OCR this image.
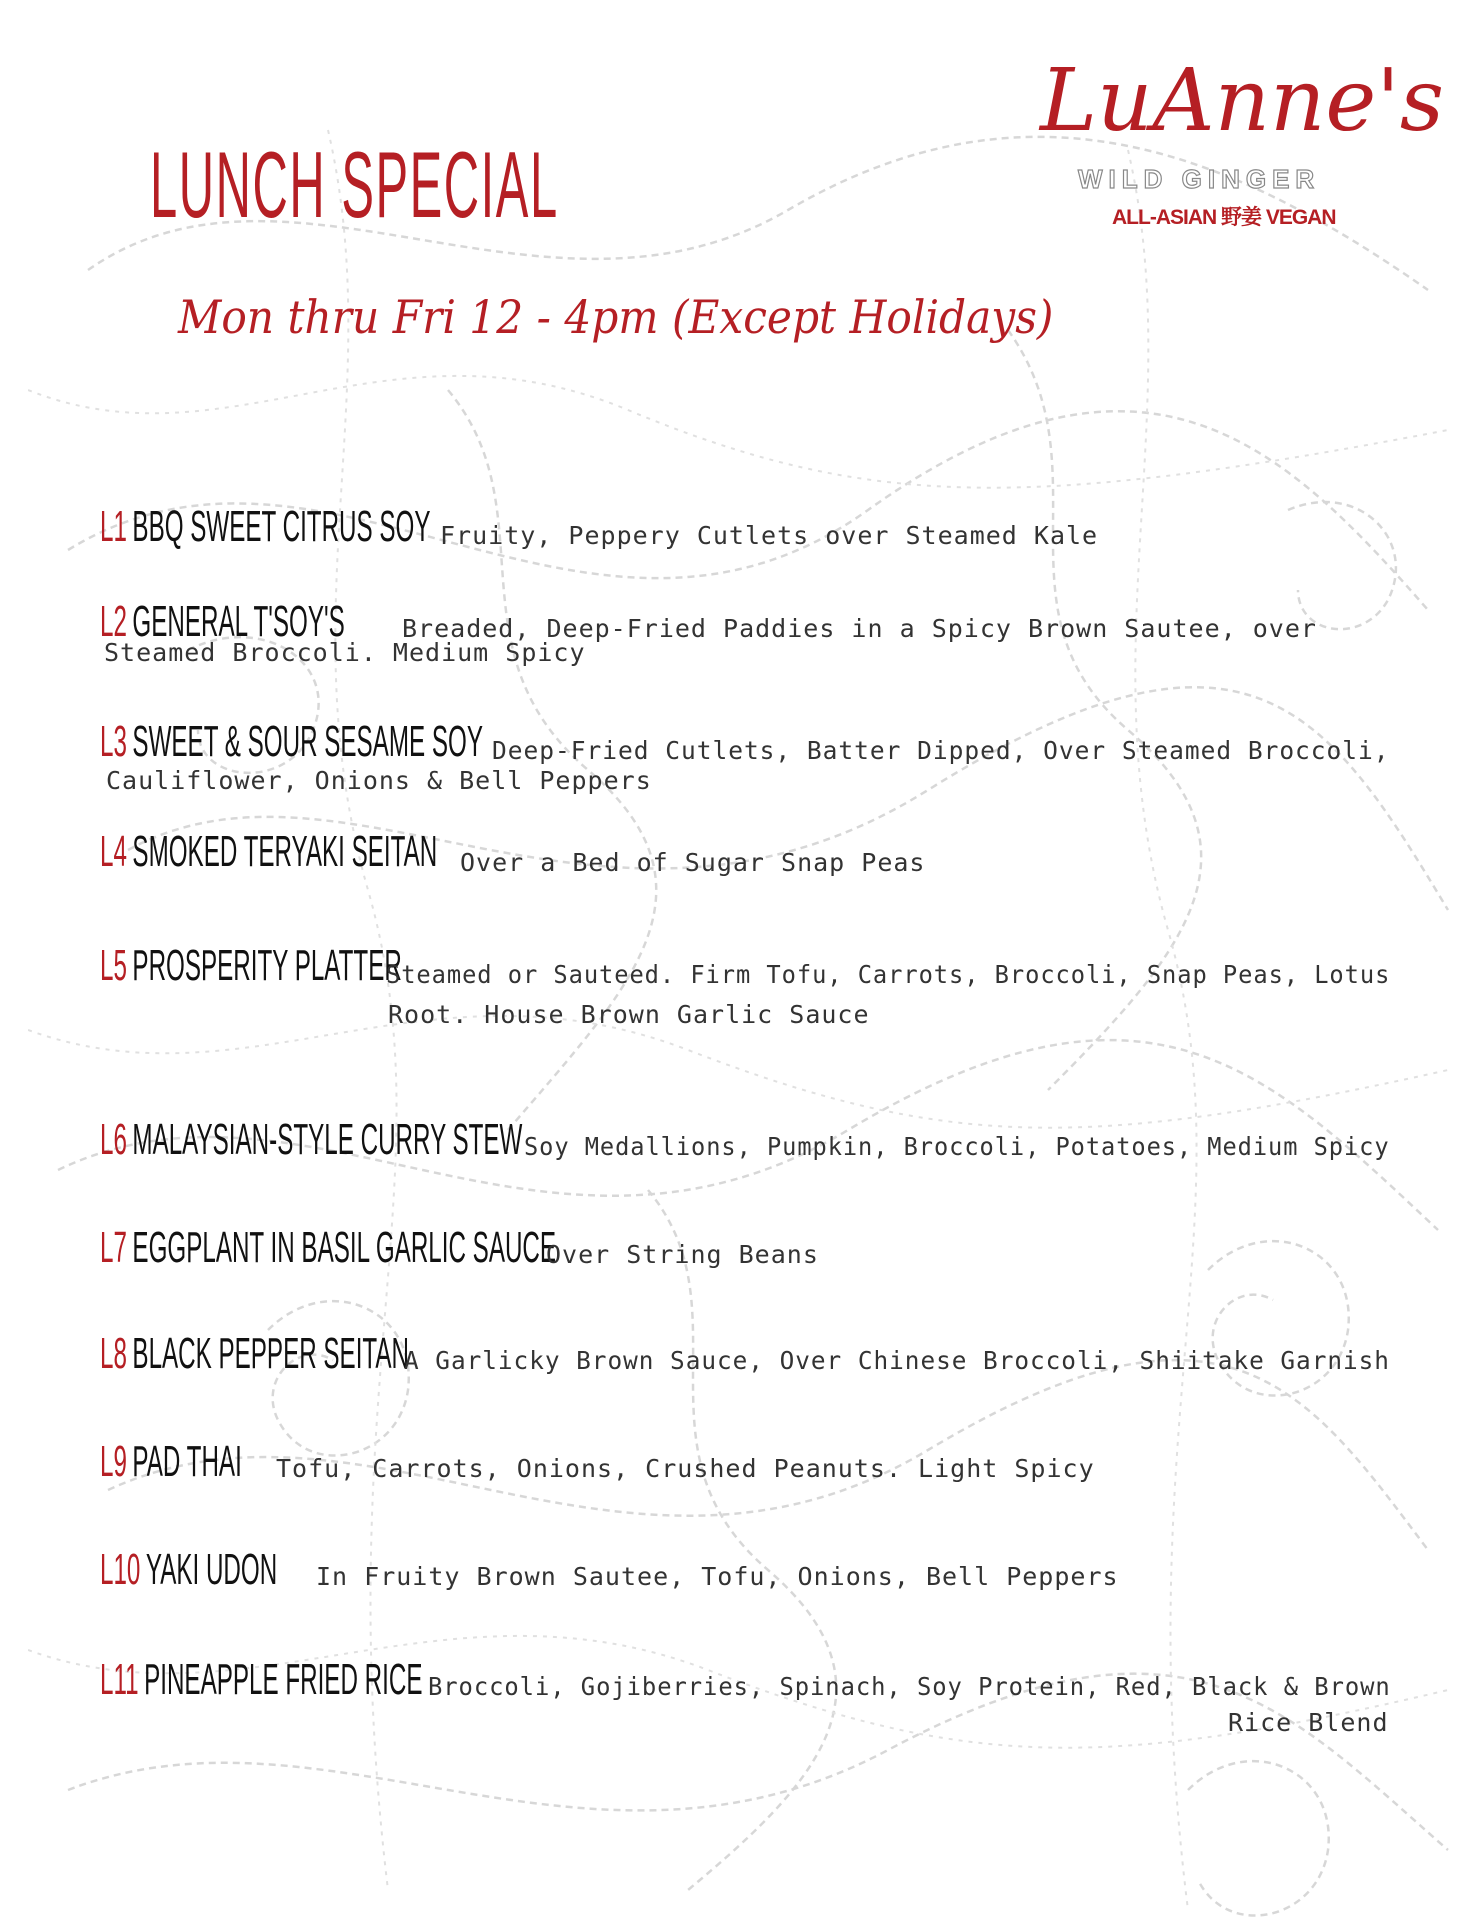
LUNCH SPECIAL
Mon thru Fri 12 - 4pm (Except Holidays)
LuAnne's
WILD GINGER
ALL-ASIAN 野姜 VEGAN
L1 BBQ SWEET CITRUS SOY Fruity, Peppery Cutlets over Steamed Kale
L2 GENERAL T'SOY'S Breaded, Deep-Fried Paddies in a Spicy Brown Sautee, over
Steamed Broccoli. Medium Spicy
L3 SWEET & SOUR SESAME SOY Deep-Fried Cutlets, Batter Dipped, Over Steamed Broccoli,
Cauliflower, Onions & Bell Peppers
L4 SMOKED TERYAKI SEITAN Over a Bed of Sugar Snap Peas
L5 PROSPERITY PLATTER
Steamed or Sauteed. Firm Tofu, Carrots, Broccoli, Snap Peas, Lotus
Root. House Brown Garlic Sauce
L6 MALAYSIAN-STYLE CURRY STEW Soy Medallions, Pumpkin, Broccoli, Potatoes, Medium Spicy
L7 EGGPLANT IN BASIL GARLIC SAUCE
Over String Beans
L8 BLACK PEPPER SEITAN
A Garlicky Brown Sauce, Over Chinese Broccoli, Shiitake Garnish
L9 PAD THAI Tofu, Carrots, Onions, Crushed Peanuts. Light Spicy
L10 YAKI UDON In Fruity Brown Sautee, Tofu, Onions, Bell Peppers
L11 PINEAPPLE FRIED RICE Broccoli, Gojiberries, Spinach, Soy Protein, Red, Black & Brown
Rice Blend
